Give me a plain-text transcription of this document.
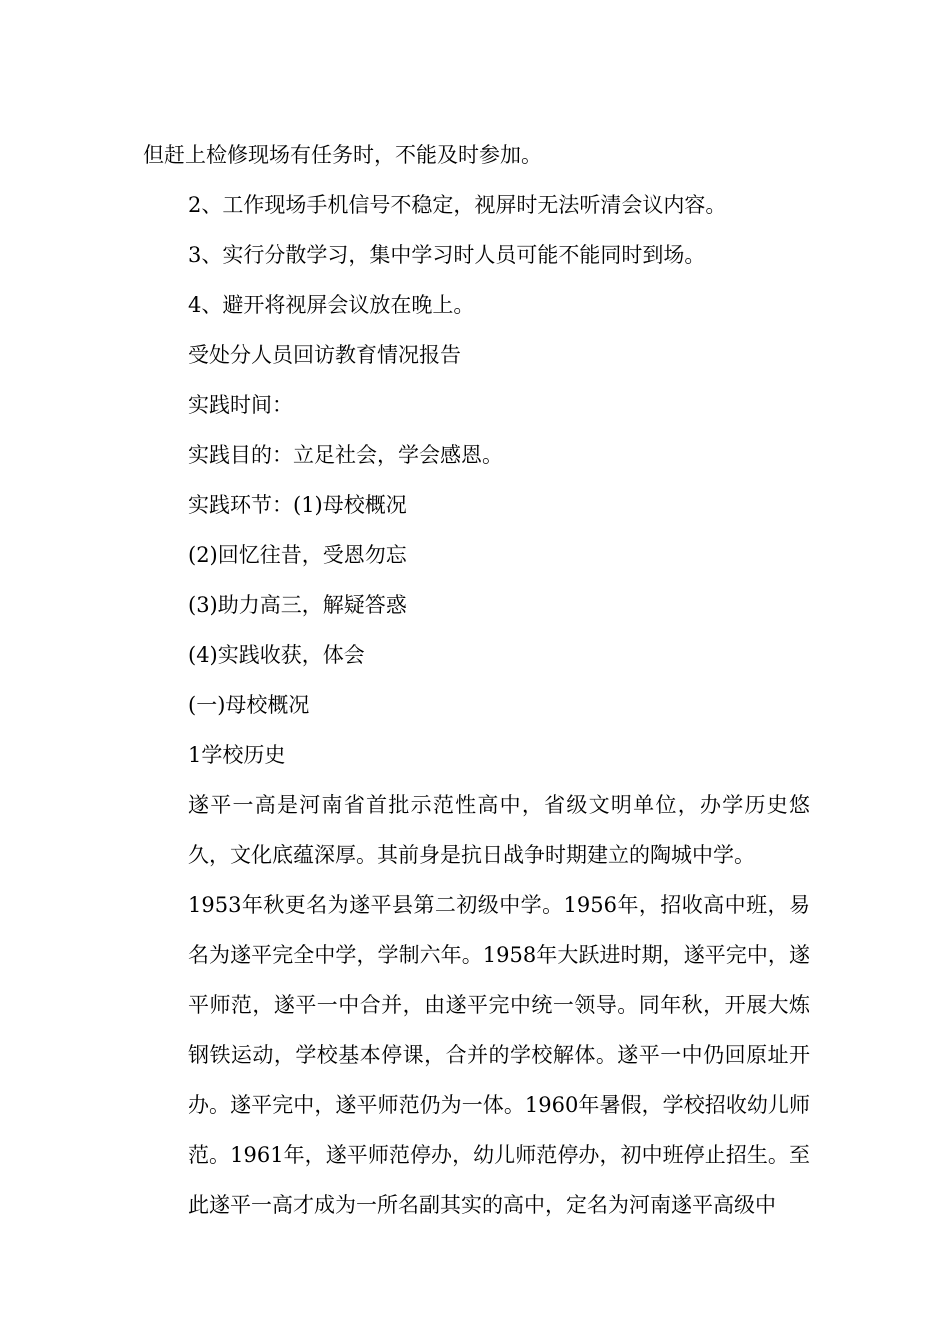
但赶上检修现场有任务时，不能及时参加。

2、工作现场手机信号不稳定，视屏时无法听清会议内容。

3、实行分散学习，集中学习时人员可能不能同时到场。

4、避开将视屏会议放在晚上。

受处分人员回访教育情况报告

实践时间：

实践目的：立足社会，学会感恩。

实践环节：(1)母校概况

(2)回忆往昔，受恩勿忘

(3)助力高三，解疑答惑

(4)实践收获，体会

(一)母校概况

1学校历史

遂平一高是河南省首批示范性高中，省级文明单位，办学历史悠久，文化底蕴深厚。其前身是抗日战争时期建立的陶城中学。

1953年秋更名为遂平县第二初级中学。1956年，招收高中班，易名为遂平完全中学，学制六年。1958年大跃进时期，遂平完中，遂平师范，遂平一中合并，由遂平完中统一领导。同年秋，开展大炼钢铁运动，学校基本停课，合并的学校解体。遂平一中仍回原址开办。遂平完中，遂平师范仍为一体。1960年暑假，学校招收幼儿师范。1961年，遂平师范停办，幼儿师范停办，初中班停止招生。至此遂平一高才成为一所名副其实的高中，定名为河南遂平高级中
